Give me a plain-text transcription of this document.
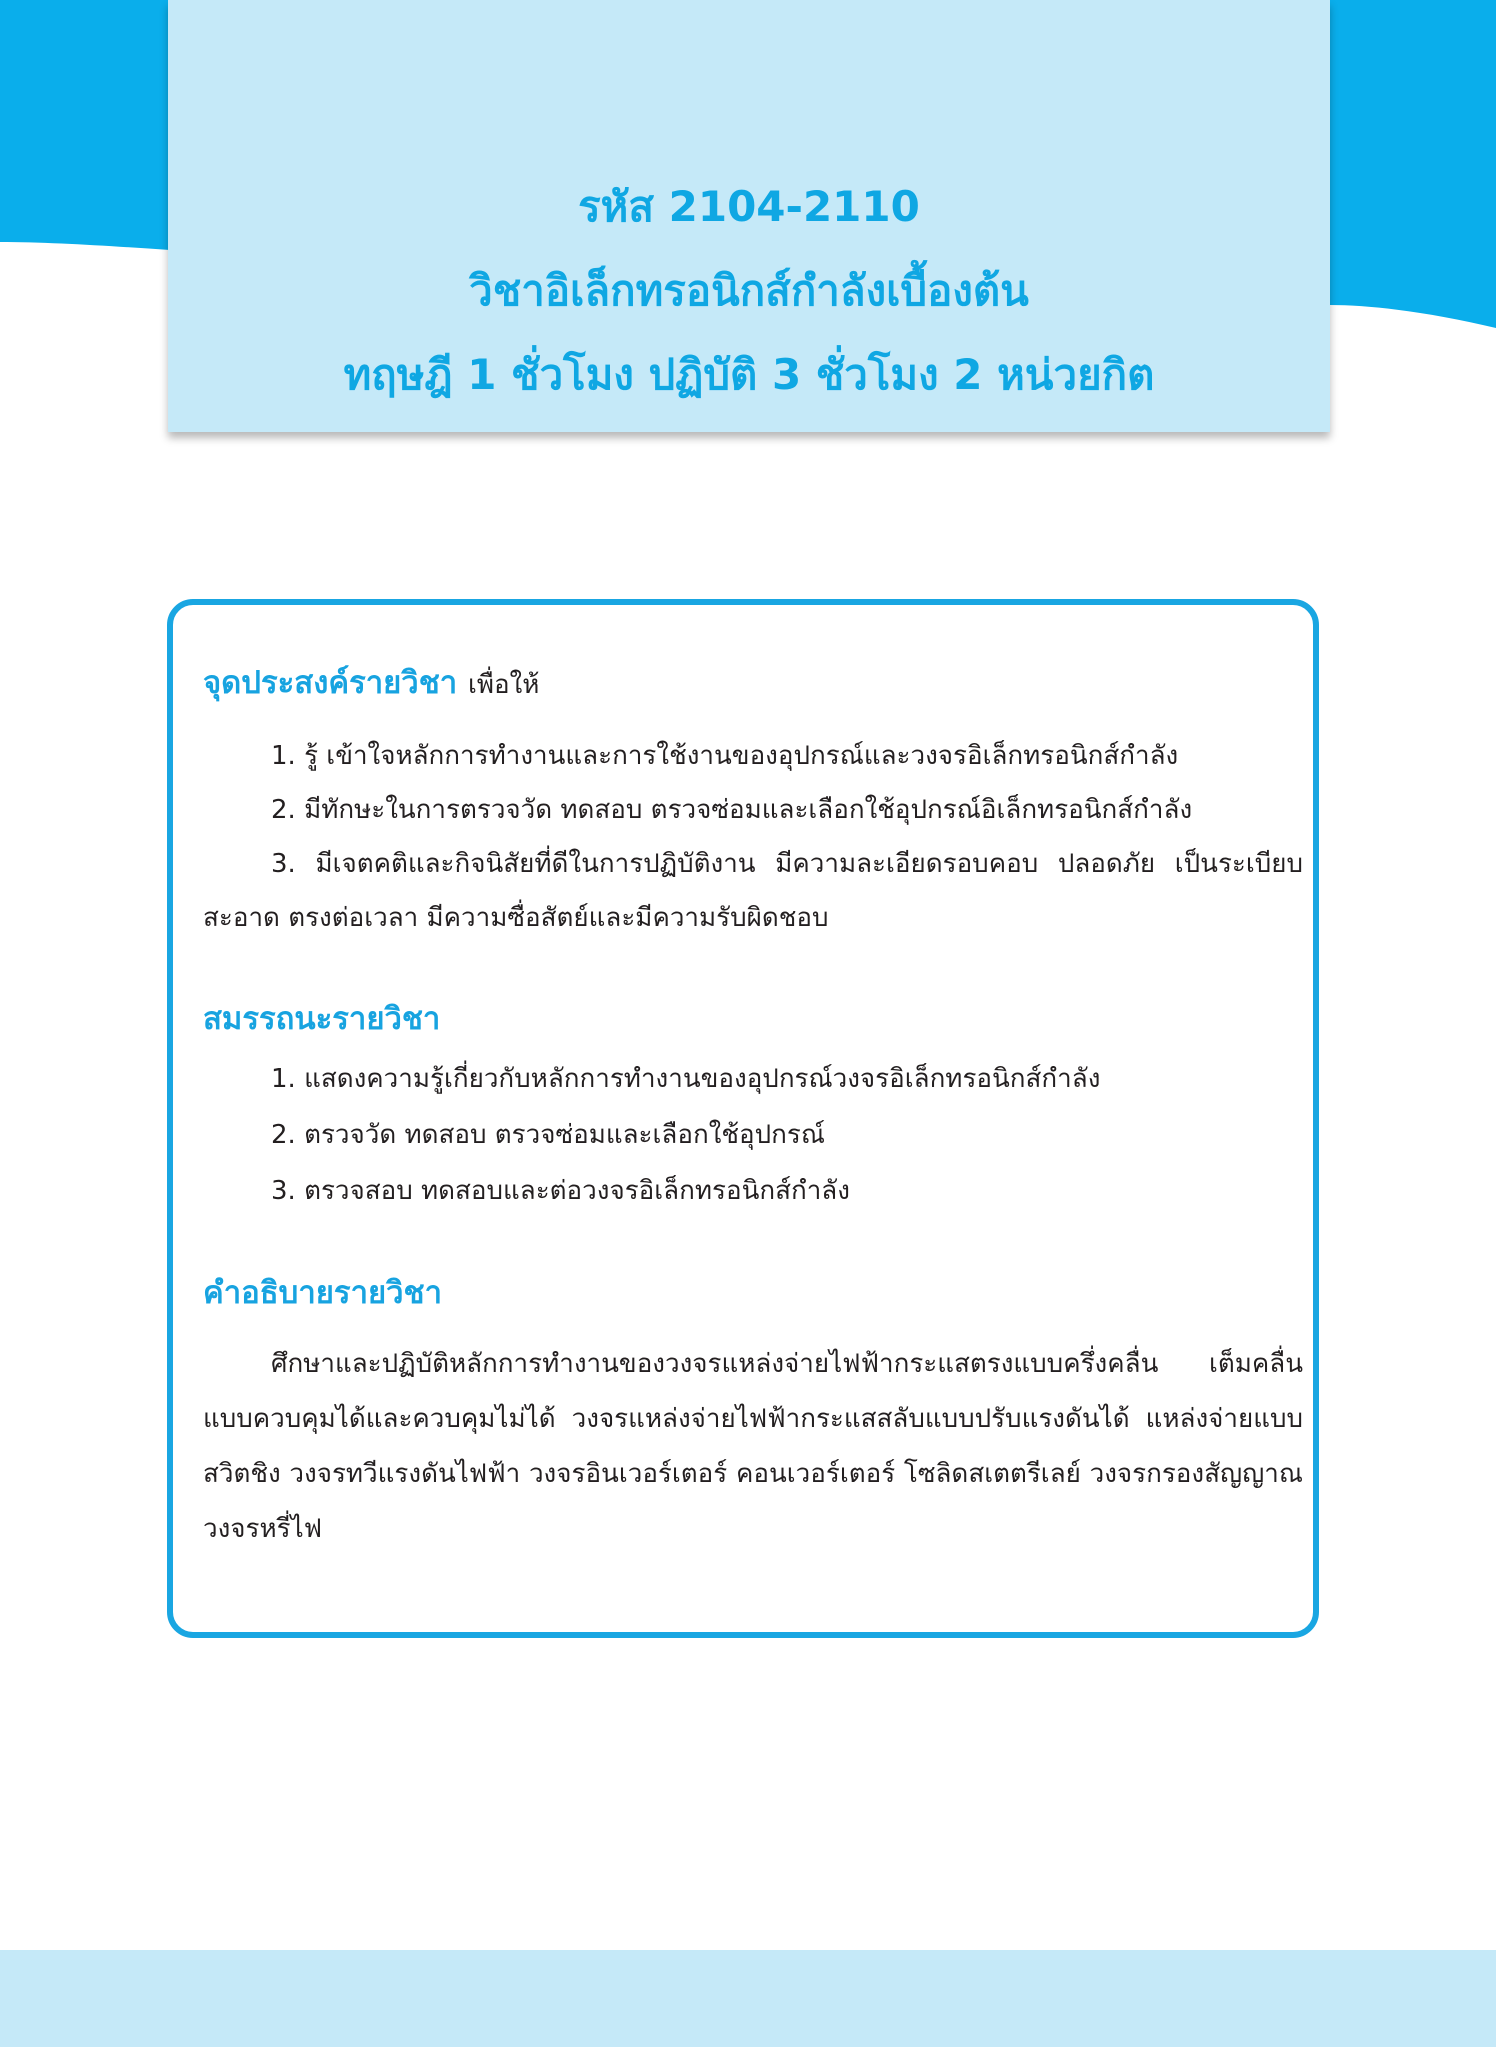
รหัส 2104-2110
วิชาอิเล็กทรอนิกส์กำลังเบื้องต้น
ทฤษฎี 1 ชั่วโมง ปฏิบัติ 3 ชั่วโมง 2 หน่วยกิต
จุดประสงค์รายวิชา เพื่อให้
1. รู้ เข้าใจหลักการทำงานและการใช้งานของอุปกรณ์และวงจรอิเล็กทรอนิกส์กำลัง
2. มีทักษะในการตรวจวัด ทดสอบ ตรวจซ่อมและเลือกใช้อุปกรณ์อิเล็กทรอนิกส์กำลัง
3. มีเจตคติและกิจนิสัยที่ดีในการปฏิบัติงาน มีความละเอียดรอบคอบ ปลอดภัย เป็นระเบียบ สะอาด ตรงต่อเวลา มีความซื่อสัตย์และมีความรับผิดชอบ
สมรรถนะรายวิชา
1. แสดงความรู้เกี่ยวกับหลักการทำงานของอุปกรณ์วงจรอิเล็กทรอนิกส์กำลัง
2. ตรวจวัด ทดสอบ ตรวจซ่อมและเลือกใช้อุปกรณ์
3. ตรวจสอบ ทดสอบและต่อวงจรอิเล็กทรอนิกส์กำลัง
คำอธิบายรายวิชา
ศึกษาและปฏิบัติหลักการทำงานของวงจรแหล่งจ่ายไฟฟ้ากระแสตรงแบบครึ่งคลื่น เต็มคลื่น แบบควบคุมได้และควบคุมไม่ได้ วงจรแหล่งจ่ายไฟฟ้ากระแสสลับแบบปรับแรงดันได้ แหล่งจ่ายแบบสวิตชิง วงจรทวีแรงดันไฟฟ้า วงจรอินเวอร์เตอร์ คอนเวอร์เตอร์ โซลิดสเตตรีเลย์ วงจรกรองสัญญาณ วงจรหรี่ไฟ
